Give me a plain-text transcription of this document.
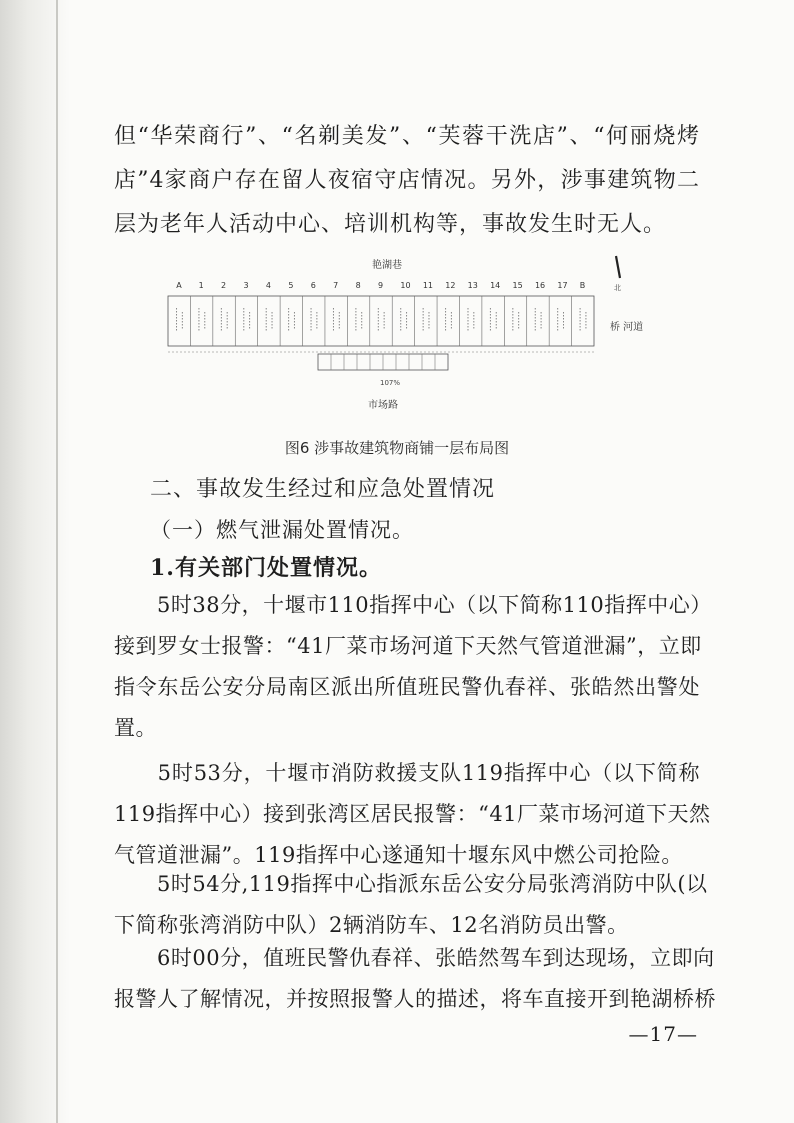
但“华荣商行”、“名剃美发”、“芙蓉干洗店”、“何丽烧烤店”4家商户存在留人夜宿守店情况。另外，涉事建筑物二层为老年人活动中心、培训机构等，事故发生时无人。
艳湖巷
A 1 2 3 4 5 6 7 8 9 10 11 12 13 14 15 16 17 B
107%
市场路
桥 河道
北
图6 涉事故建筑物商铺一层布局图
二、事故发生经过和应急处置情况
（一）燃气泄漏处置情况。
1.有关部门处置情况。
　　5时38分，十堰市110指挥中心（以下简称110指挥中心）
接到罗女士报警：“41厂菜市场河道下天然气管道泄漏”，立即
指令东岳公安分局南区派出所值班民警仇春祥、张皓然出警处
置。
　　5时53分，十堰市消防救援支队119指挥中心（以下简称
119指挥中心）接到张湾区居民报警：“41厂菜市场河道下天然
气管道泄漏”。119指挥中心遂通知十堰东风中燃公司抢险。
　　5时54分,119指挥中心指派东岳公安分局张湾消防中队(以
下简称张湾消防中队）2辆消防车、12名消防员出警。
　　6时00分，值班民警仇春祥、张皓然驾车到达现场，立即向
报警人了解情况，并按照报警人的描述，将车直接开到艳湖桥桥
—17—
